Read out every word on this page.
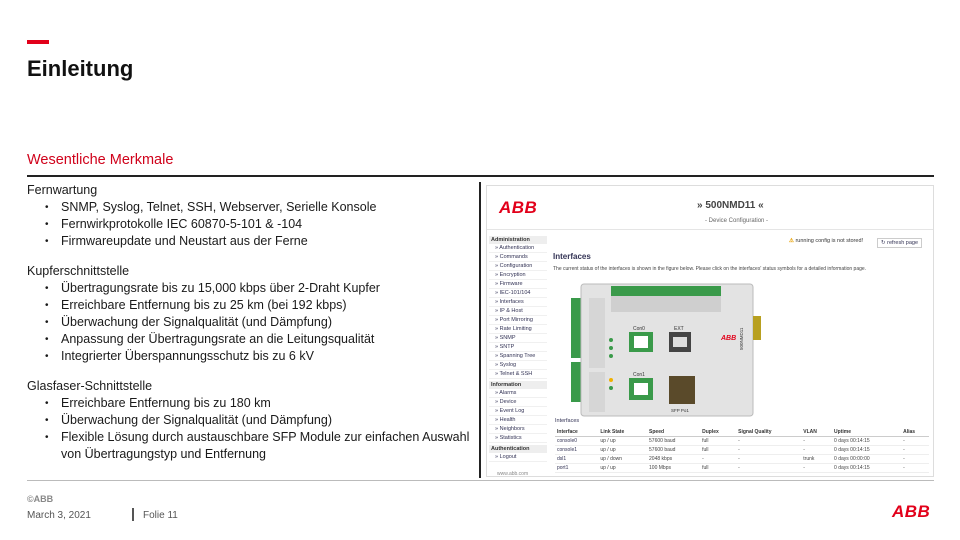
Einleitung
Wesentliche Merkmale
Fernwartung
• SNMP, Syslog, Telnet, SSH, Webserver, Serielle Konsole
• Fernwirkprotokolle IEC 60870-5-101 & -104
• Firmwareupdate und Neustart aus der Ferne
Kupferschnittstelle
• Übertragungsrate bis zu 15,000 kbps über 2-Draht Kupfer
• Erreichbare Entfernung bis zu 25 km (bei 192 kbps)
• Überwachung der Signalqualität (und Dämpfung)
• Anpassung der Übertragungsrate an die Leitungsqualität
• Integrierter Überspannungsschutz bis zu 6 kV
Glasfaser-Schnittstelle
• Erreichbare Entfernung bis zu 180 km
• Überwachung der Signalqualität (und Dämpfung)
• Flexible Lösung durch austauschbare SFP Module zur einfachen Auswahl von Übertragungstyp und Entfernung
ABB	» 500NMD11 «
- Device Configuration -
Administration
» Authentication
» Commands
» Configuration
» Encryption
» Firmware
» IEC-101/104
» Interfaces
» IP & Host
» Port Mirroring
» Rate Limiting
» SNMP
» SNTP
» Spanning Tree
» Syslog
» Telnet & SSH
Information
» Alarms
» Device
» Event Log
» Health
» Neighbors
» Statistics
Authentication
» Logout
⚠ running config is not stored!	↻ refresh page
Interfaces
The current status of the interfaces is shown in the figure below. Please click on the interfaces' status symbols for a detailed information page.
Con0	EXT
Con1
SFP Po1
ABB 500NMD11
Interfaces
Interface	Link State	Speed	Duplex	Signal Quality	VLAN	Uptime	Alias
console0	up / up	57600 baud	full	-	-	0 days 00:14:15	-
console1	up / up	57600 baud	full	-	-	0 days 00:14:15	-
dsl1	up / down	2048 kbps	-	-	trunk	0 days 00:00:00	-
port1	up / up	100 Mbps	full	-	-	0 days 00:14:15	-
www.abb.com
©ABB
March 3, 2021	Folie 11	ABB
